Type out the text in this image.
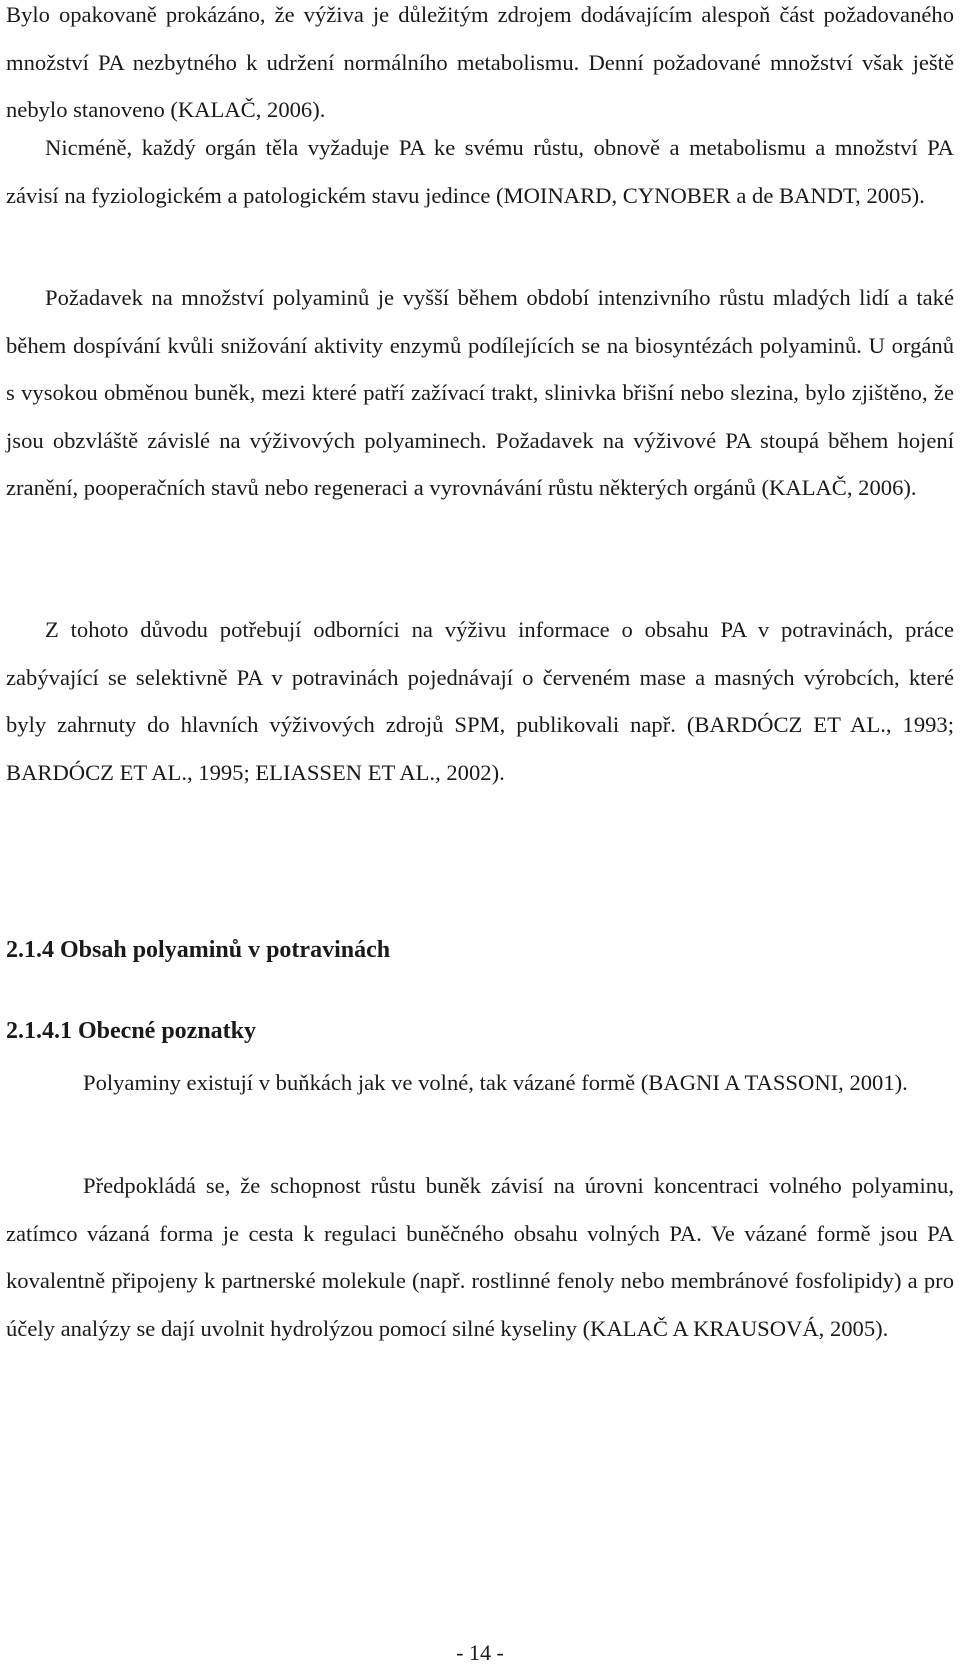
Bylo opakovaně prokázáno, že výživa je důležitým zdrojem dodávajícím alespoň část požadovaného množství PA nezbytného k udržení normálního metabolismu. Denní požadované množství však ještě nebylo stanoveno (KALAČ, 2006).

Nicméně, každý orgán těla vyžaduje PA ke svému růstu, obnově a metabolismu a množství PA závisí na fyziologickém a patologickém stavu jedince (MOINARD, CYNOBER a de BANDT, 2005).

Požadavek na množství polyaminů je vyšší během období intenzivního růstu mladých lidí a také během dospívání kvůli snižování aktivity enzymů podílejících se na biosyntézách polyaminů. U orgánů s vysokou obměnou buněk, mezi které patří zažívací trakt, slinivka břišní nebo slezina, bylo zjištěno, že jsou obzvláště závislé na výživových polyaminech. Požadavek na výživové PA stoupá během hojení zranění, pooperačních stavů nebo regeneraci a vyrovnávání růstu některých orgánů (KALAČ, 2006).

Z tohoto důvodu potřebují odborníci na výživu informace o obsahu PA v potravinách, práce zabývající se selektivně PA v potravinách pojednávají o červeném mase a masných výrobcích, které byly zahrnuty do hlavních výživových zdrojů SPM, publikovali např. (BARDÓCZ ET AL., 1993; BARDÓCZ ET AL., 1995; ELIASSEN ET AL., 2002).

2.1.4 Obsah polyaminů v potravinách
2.1.4.1 Obecné poznatky

Polyaminy existují v buňkách jak ve volné, tak vázané formě (BAGNI A TASSONI, 2001).

Předpokládá se, že schopnost růstu buněk závisí na úrovni koncentraci volného polyaminu, zatímco vázaná forma je cesta k regulaci buněčného obsahu volných PA. Ve vázané formě jsou PA kovalentně připojeny k partnerské molekule (např. rostlinné fenoly nebo membránové fosfolipidy) a pro účely analýzy se dají uvolnit hydrolýzou pomocí silné kyseliny (KALAČ A KRAUSOVÁ, 2005).

- 14 -
